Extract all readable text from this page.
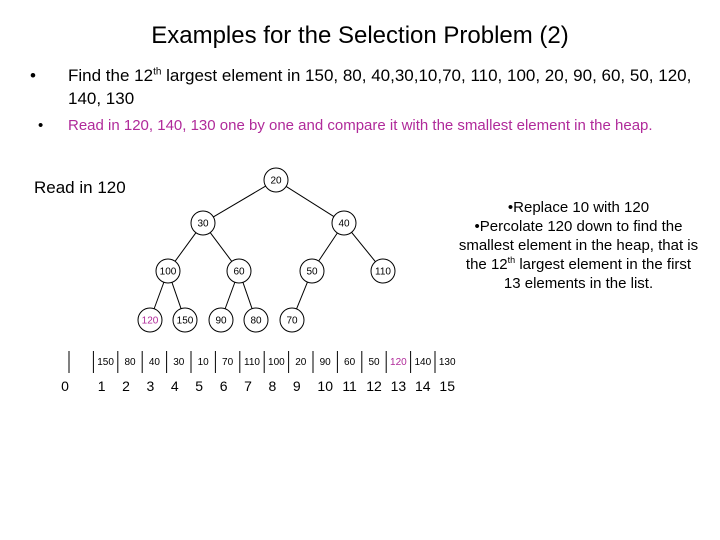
Examples for the Selection Problem (2)
• Find the 12th largest element in 150, 80, 40,30,10,70, 110, 100, 20, 90, 60, 50, 120, 140, 130
• Read in 120, 140, 130 one by one and compare it with the smallest element in the heap.
Read in 120
•Replace 10 with 120
•Percolate 120 down to find the smallest element in the heap, that is the 12th largest element in the first 13 elements in the list.
20
30	40
100	60	50	110
120 150 90 80 70
150 80 40 30 10 70 110 100 20 90 60 50 120 140 130
0 1 2 3 4 5 6 7 8 9 10 11 12 13 14 15
